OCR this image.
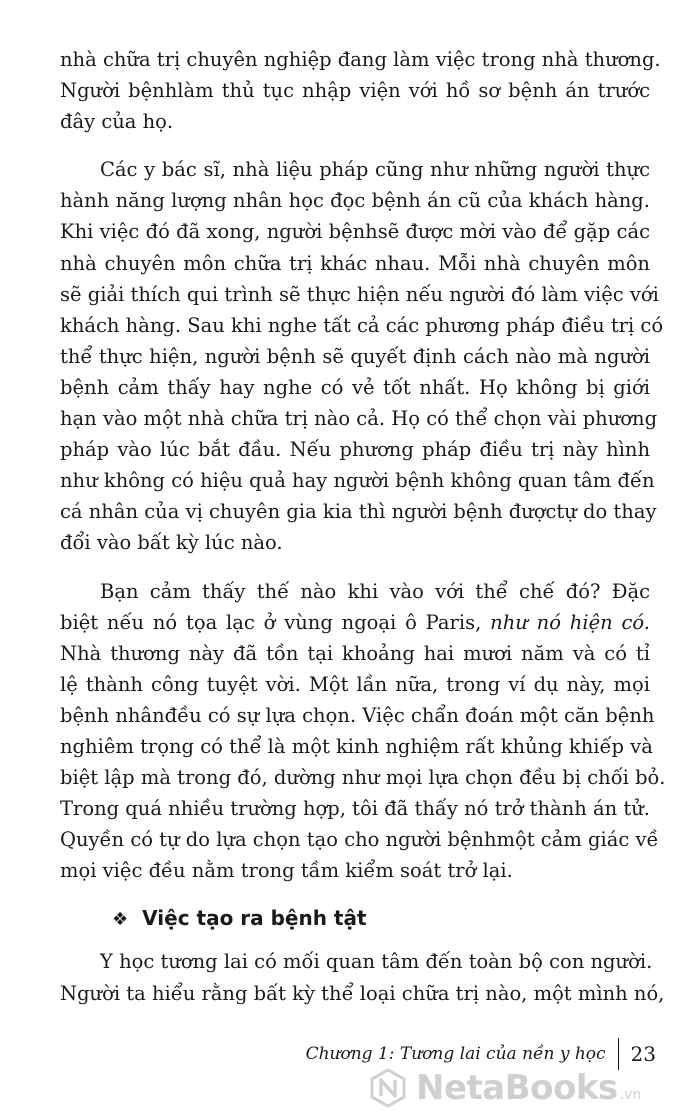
nhà chữa trị chuyên nghiệp đang làm việc trong nhà thương.
Người bệnhlàm thủ tục nhập viện với hồ sơ bệnh án trước
đây của họ.
Các y bác sĩ, nhà liệu pháp cũng như những người thực
hành năng lượng nhân học đọc bệnh án cũ của khách hàng.
Khi việc đó đã xong, người bệnhsẽ được mời vào để gặp các
nhà chuyên môn chữa trị khác nhau. Mỗi nhà chuyên môn
sẽ giải thích qui trình sẽ thực hiện nếu người đó làm việc với
khách hàng. Sau khi nghe tất cả các phương pháp điều trị có
thể thực hiện, người bệnh sẽ quyết định cách nào mà người
bệnh cảm thấy hay nghe có vẻ tốt nhất. Họ không bị giới
hạn vào một nhà chữa trị nào cả. Họ có thể chọn vài phương
pháp vào lúc bắt đầu. Nếu phương pháp điều trị này hình
như không có hiệu quả hay người bệnh không quan tâm đến
cá nhân của vị chuyên gia kia thì người bệnh đượctự do thay
đổi vào bất kỳ lúc nào.
Bạn cảm thấy thế nào khi vào với thể chế đó? Đặc
biệt nếu nó tọa lạc ở vùng ngoại ô Paris, như nó hiện có.
Nhà thương này đã tồn tại khoảng hai mươi năm và có tỉ
lệ thành công tuyệt vời. Một lần nữa, trong ví dụ này, mọi
bệnh nhânđều có sự lựa chọn. Việc chẩn đoán một căn bệnh
nghiêm trọng có thể là một kinh nghiệm rất khủng khiếp và
biệt lập mà trong đó, dường như mọi lựa chọn đều bị chối bỏ.
Trong quá nhiều trường hợp, tôi đã thấy nó trở thành án tử.
Quyền có tự do lựa chọn tạo cho người bệnhmột cảm giác về
mọi việc đều nằm trong tầm kiểm soát trở lại.
❖ Việc tạo ra bệnh tật
Y học tương lai có mối quan tâm đến toàn bộ con người.
Người ta hiểu rằng bất kỳ thể loại chữa trị nào, một mình nó,
Chương 1: Tương lai của nền y học	23
NetaBooks .vn
